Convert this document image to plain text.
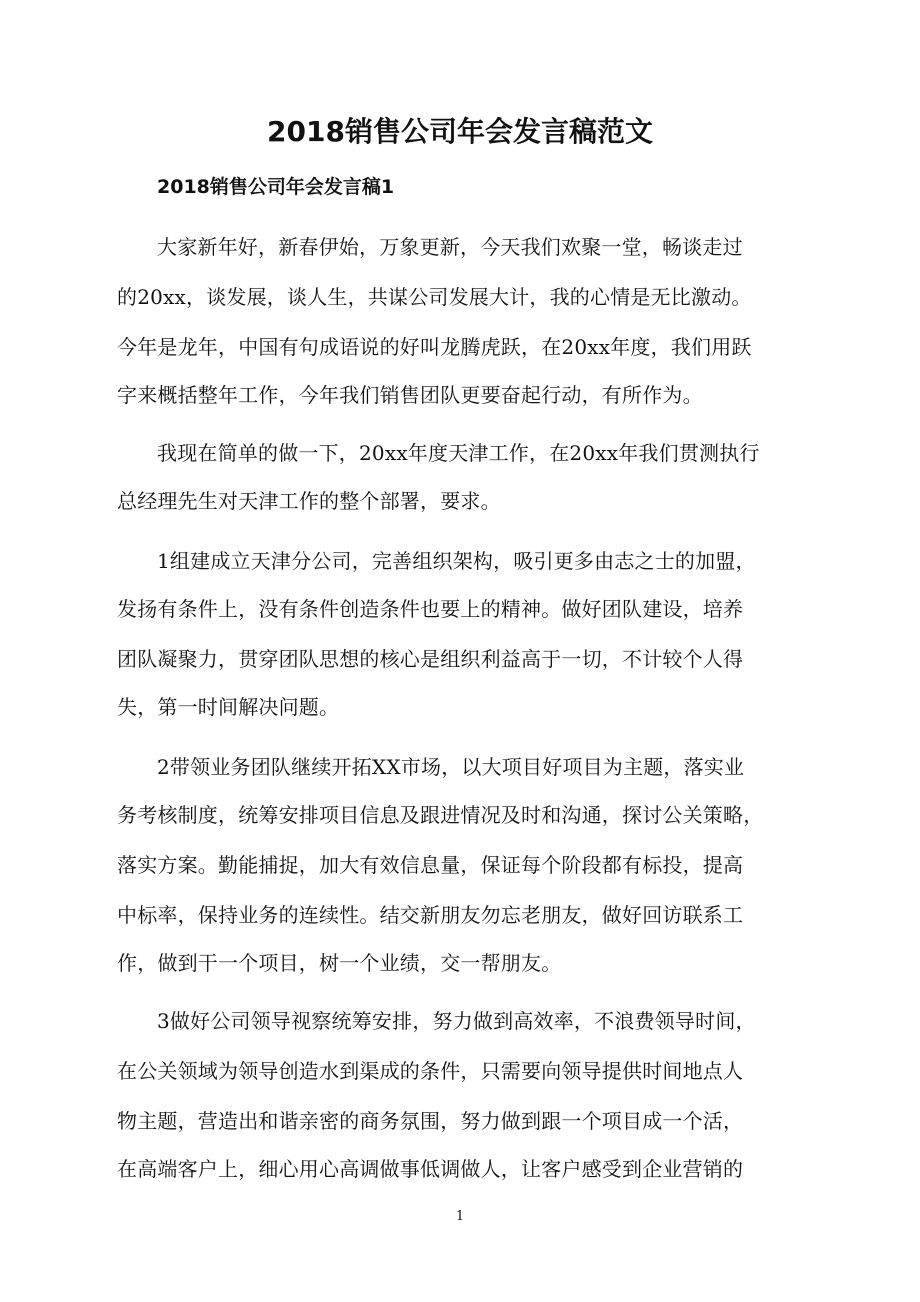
2018销售公司年会发言稿范文
2018销售公司年会发言稿1
大家新年好，新春伊始，万象更新，今天我们欢聚一堂，畅谈走过
的20xx，谈发展，谈人生，共谋公司发展大计，我的心情是无比激动。
今年是龙年，中国有句成语说的好叫龙腾虎跃，在20xx年度，我们用跃
字来概括整年工作，今年我们销售团队更要奋起行动，有所作为。
我现在简单的做一下，20xx年度天津工作，在20xx年我们贯测执行
总经理先生对天津工作的整个部署，要求。
1组建成立天津分公司，完善组织架构，吸引更多由志之士的加盟，
发扬有条件上，没有条件创造条件也要上的精神。做好团队建设，培养
团队凝聚力，贯穿团队思想的核心是组织利益高于一切，不计较个人得
失，第一时间解决问题。
2带领业务团队继续开拓XX市场，以大项目好项目为主题，落实业
务考核制度，统筹安排项目信息及跟进情况及时和沟通，探讨公关策略，
落实方案。勤能捕捉，加大有效信息量，保证每个阶段都有标投，提高
中标率，保持业务的连续性。结交新朋友勿忘老朋友，做好回访联系工
作，做到干一个项目，树一个业绩，交一帮朋友。
3做好公司领导视察统筹安排，努力做到高效率，不浪费领导时间，
在公关领域为领导创造水到渠成的条件，只需要向领导提供时间地点人
物主题，营造出和谐亲密的商务氛围，努力做到跟一个项目成一个活，
在高端客户上，细心用心高调做事低调做人，让客户感受到企业营销的
1
